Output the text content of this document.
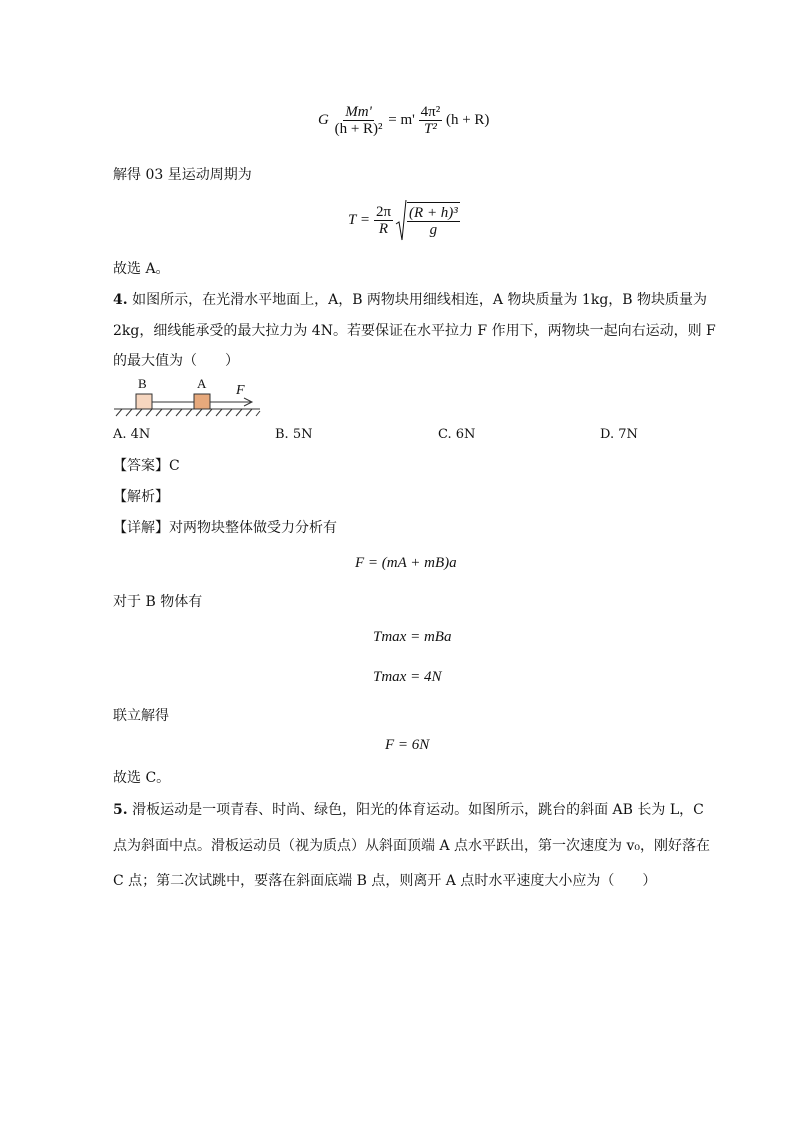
G $\frac{Mm'}{\text{(h + R)²}} = m' \frac{\text{4π²}}{\text{T²}} (h + R)$
解得 03 星运动周期为
$T = \frac{2\pi}{R} \frac{\text{(R + h)³}}{g}$
故选 A。
4. 如图所示，在光滑水平地面上，A，B 两物块用细线相连，A 物块质量为 1kg，B 物块质量为
2kg，细线能承受的最大拉力为 4N。若要保证在水平拉力 F 作用下，两物块一起向右运动，则 F
的最大值为（　　）
B	A F
A. 4N	B. 5N	C. 6N	D. 7N
【答案】C
【解析】
【详解】对两物块整体做受力分析有
F = (mA + mB)a
对于 B 物体有
Tmax = mBa
Tmax = 4N
联立解得
F = 6N
故选 C。
5. 滑板运动是一项青春、时尚、绿色，阳光的体育运动。如图所示，跳台的斜面 AB 长为 L，C
点为斜面中点。滑板运动员（视为质点）从斜面顶端 A 点水平跃出，第一次速度为 v₀，刚好落在
C 点；第二次试跳中，要落在斜面底端 B 点，则离开 A 点时水平速度大小应为（　　）
